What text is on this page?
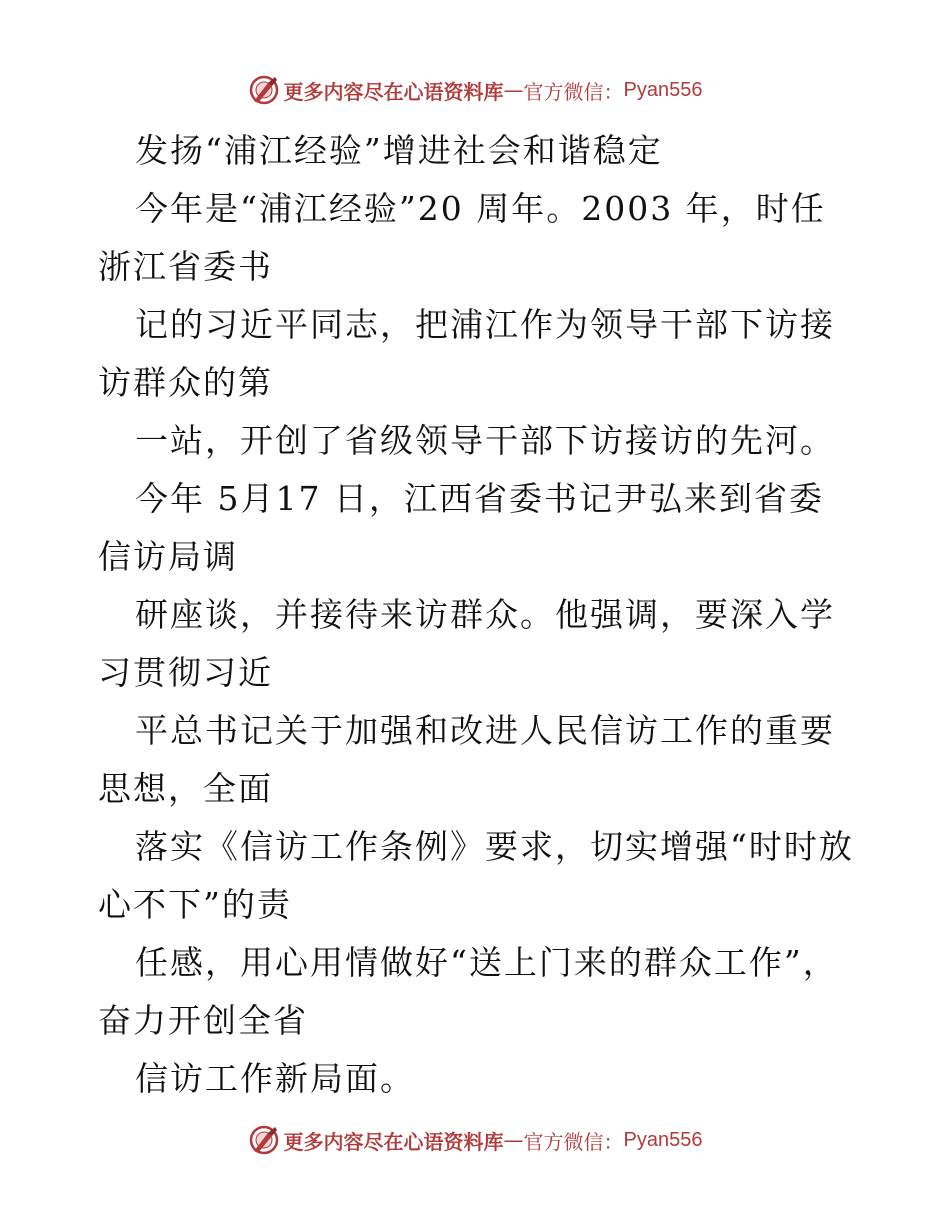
更多内容尽在心语资料库 — 官方微信： Pyan556

发扬“浦江经验”增进社会和谐稳定

今年是“浦江经验”20 周年。2003 年，时任浙江省委书

记的习近平同志，把浦江作为领导干部下访接访群众的第

一站，开创了省级领导干部下访接访的先河。

今年 5月17 日，江西省委书记尹弘来到省委信访局调

研座谈，并接待来访群众。他强调，要深入学习贯彻习近

平总书记关于加强和改进人民信访工作的重要思想，全面

落实《信访工作条例》要求，切实增强“时时放心不下”的责

任感，用心用情做好“送上门来的群众工作”，奋力开创全省

信访工作新局面。

更多内容尽在心语资料库 — 官方微信： Pyan556
